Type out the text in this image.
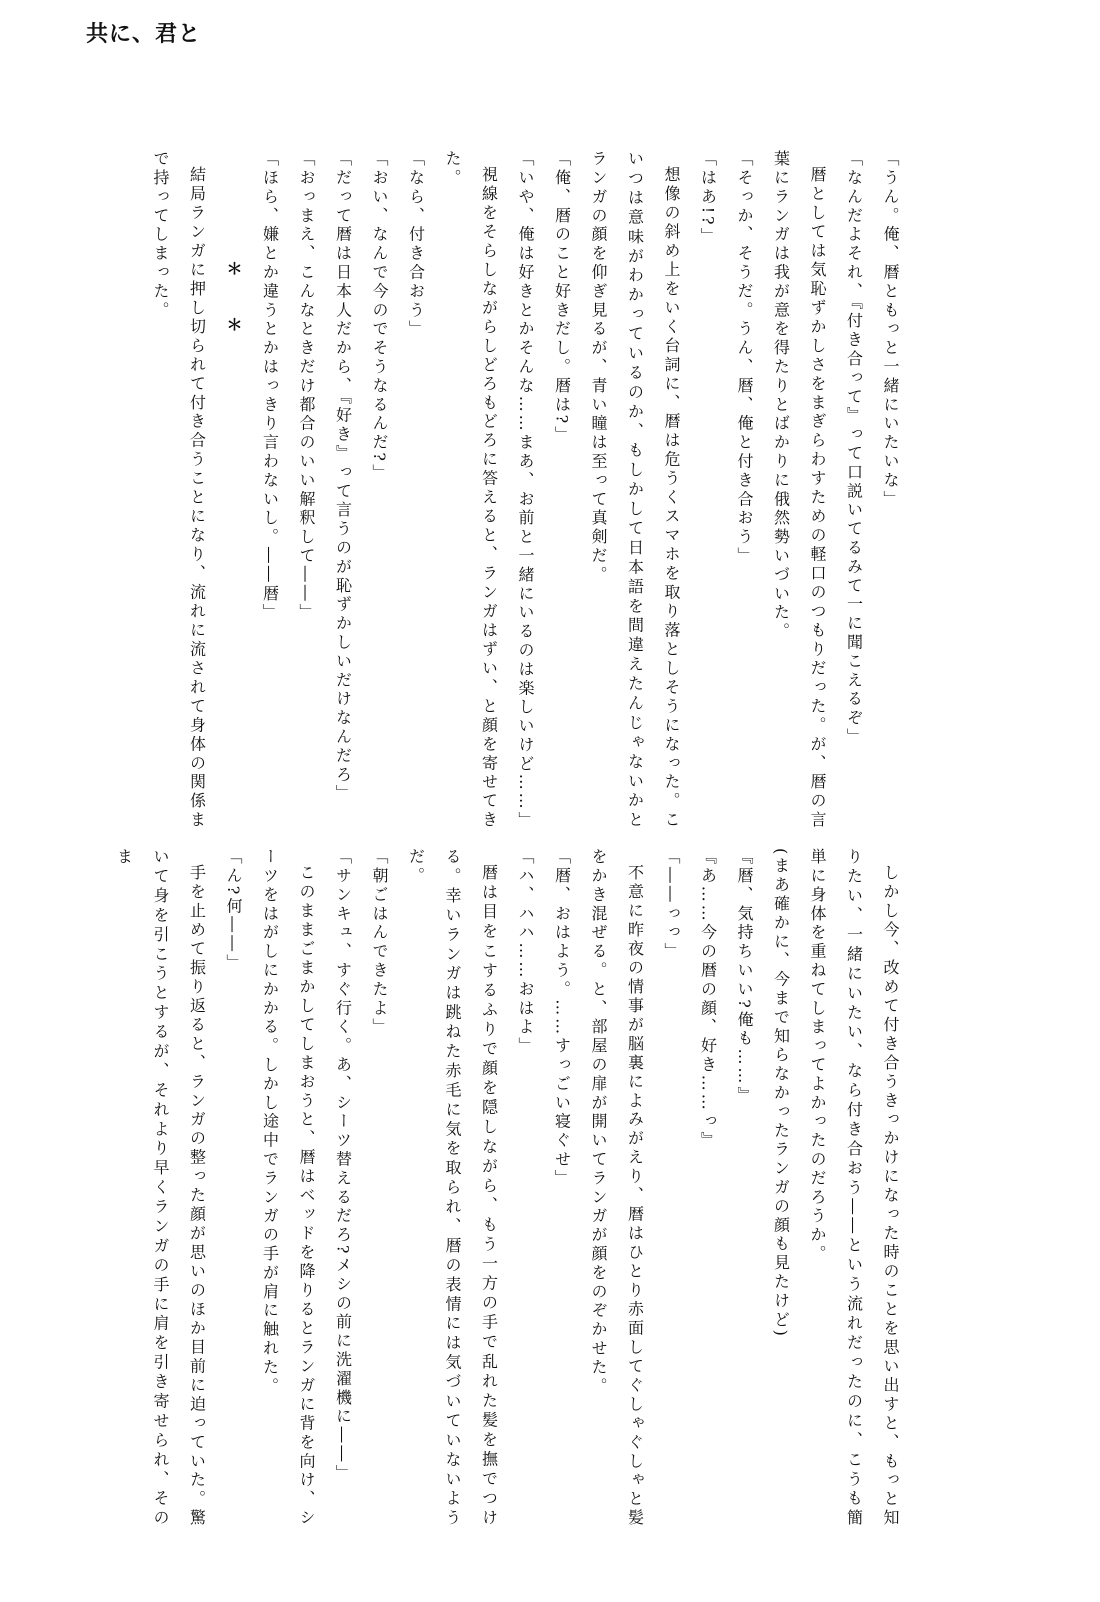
共に、君と

「うん。俺、暦ともっと一緒にいたいな」

「なんだよそれ、『付き合って』って口説いてるみて一に聞こえるぞ」

暦としては気恥ずかしさをまぎらわすための軽口のつもりだった。が、暦の言葉にランガは我が意を得たりとばかりに俄然勢いづいた。

「そっか、そうだ。うん、暦、俺と付き合おう」

「はあ!?」

想像の斜め上をいく台詞に、暦は危うくスマホを取り落としそうになった。こいつは意味がわかっているのか、もしかして日本語を間違えたんじゃないかとランガの顔を仰ぎ見るが、青い瞳は至って真剣だ。

「俺、暦のこと好きだし。暦は?」

「いや、俺は好きとかそんな……まあ、お前と一緒にいるのは楽しいけど……」

視線をそらしながらしどろもどろに答えると、ランガはずい、と顔を寄せてきた。

「なら、付き合おう」

「おい、なんで今のでそうなるんだ?」

「だって暦は日本人だから、『好き』って言うのが恥ずかしいだけなんだろ」

「おっまえ、こんなときだけ都合のいい解釈して――」

「ほら、嫌とか違うとかはっきり言わないし。――暦」

＊＊

結局ランガに押し切られて付き合うことになり、流れに流されて身体の関係まで持ってしまった。

しかし今、改めて付き合うきっかけになった時のことを思い出すと、もっと知りたい、一緒にいたい、なら付き合おう――という流れだったのに、こうも簡単に身体を重ねてしまってよかったのだろうか。

(まあ確かに、今まで知らなかったランガの顔も見たけど)

『暦、気持ちいい?俺も……』

『あ……今の暦の顔、好き……っ』

「――っっ」

不意に昨夜の情事が脳裏によみがえり、暦はひとり赤面してぐしゃぐしゃと髪をかき混ぜる。と、部屋の扉が開いてランガが顔をのぞかせた。

「暦、おはよう。……すっごい寝ぐせ」

「ハ、ハハ……おはよ」

暦は目をこするふりで顔を隠しながら、もう一方の手で乱れた髪を撫でつける。幸いランガは跳ねた赤毛に気を取られ、暦の表情には気づいていないようだ。

「朝ごはんできたよ」

「サンキュ、すぐ行く。あ、シーツ替えるだろ?メシの前に洗濯機に――」

このままごまかしてしまおうと、暦はベッドを降りるとランガに背を向け、シーツをはがしにかかる。しかし途中でランガの手が肩に触れた。

「ん?何――」

手を止めて振り返ると、ランガの整った顔が思いのほか目前に迫っていた。驚いて身を引こうとするが、それより早くランガの手に肩を引き寄せられ、そのま
